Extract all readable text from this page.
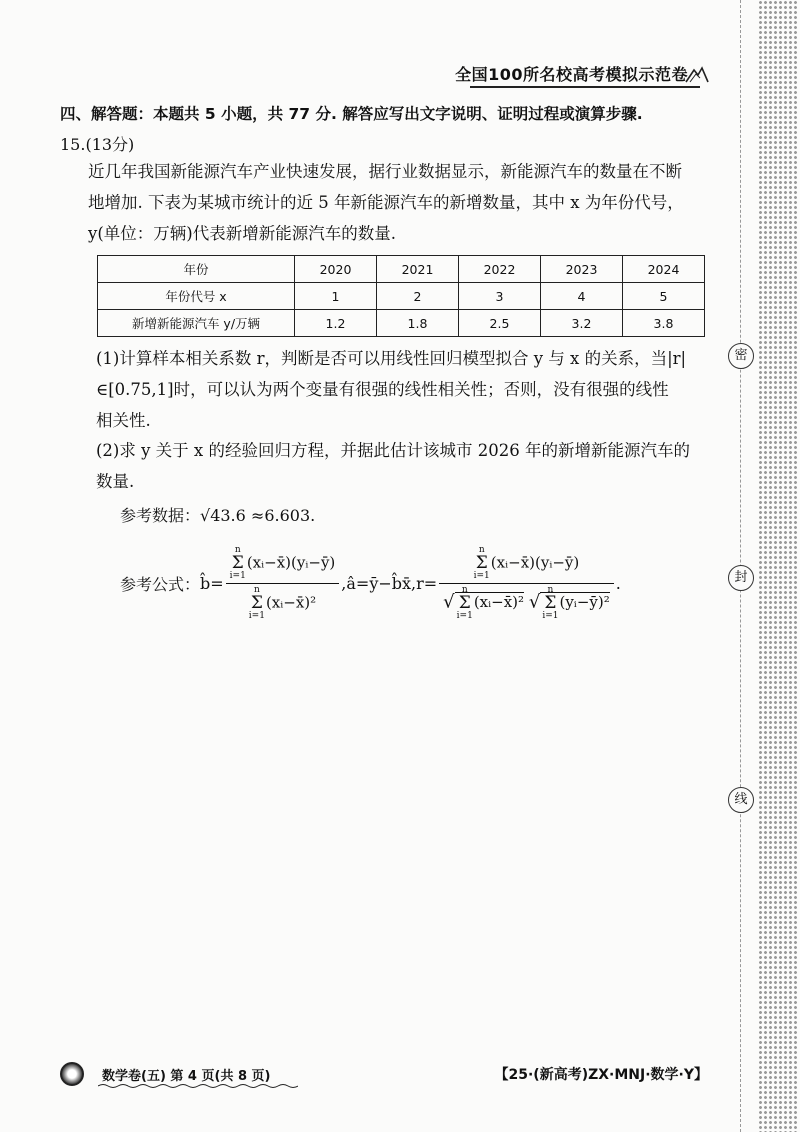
全国100所名校高考模拟示范卷
四、解答题：本题共 5 小题，共 77 分. 解答应写出文字说明、证明过程或演算步骤.
15.(13分)
近几年我国新能源汽车产业快速发展，据行业数据显示，新能源汽车的数量在不断
地增加. 下表为某城市统计的近 5 年新能源汽车的新增数量，其中 x 为年份代号，
y(单位：万辆)代表新增新能源汽车的数量.
年份	2020	2021	2022	2023	2024
年份代号 x	1	2	3	4	5
新增新能源汽车 y/万辆	1.2	1.8	2.5	3.2	3.8
(1)计算样本相关系数 r，判断是否可以用线性回归模型拟合 y 与 x 的关系，当|r|
∈[0.75,1]时，可以认为两个变量有很强的线性相关性；否则，没有很强的线性
相关性.
(2)求 y 关于 x 的经验回归方程，并据此估计该城市 2026 年的新增新能源汽车的
数量.
参考数据：√43.6 ≈6.603.
参考公式： b̂= n
Σ
i=1
(xᵢ−x̄)(yᵢ−ȳ)
n
Σ
i=1
(xᵢ−x̄)² ,â=ȳ−b̂x̄, r= n
Σ
i=1
(xᵢ−x̄)(yᵢ−ȳ)
√
n
Σ
i=1
(xᵢ−x̄)² √
n
Σ
i=1
(yᵢ−ȳ)² .
密
封
线
数学卷(五) 第 4 页(共 8 页)	【25·(新高考)ZX·MNJ·数学·Y】
